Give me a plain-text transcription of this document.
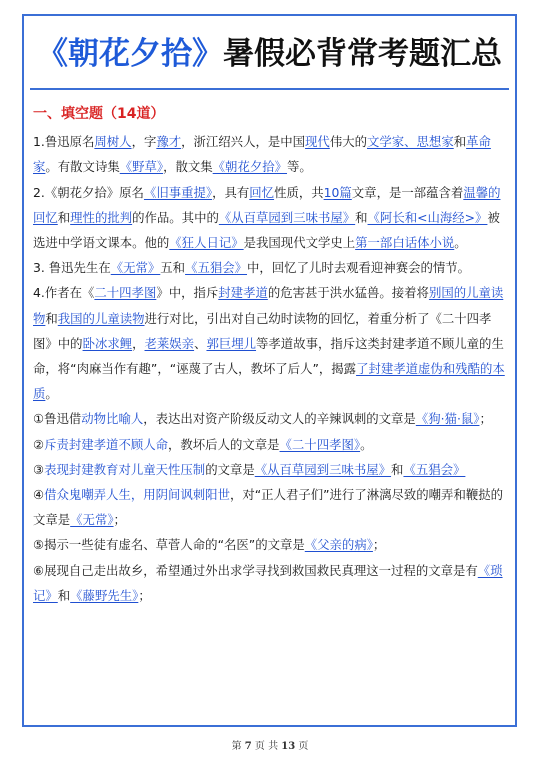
《朝花夕拾》暑假必背常考题汇总
一、填空题（14道）

1.鲁迅原名周树人，字豫才，浙江绍兴人，是中国现代伟大的文学家、思想家和革命家。有散文诗集《野草》，散文集《朝花夕拾》等。

2.《朝花夕拾》原名《旧事重提》，具有回忆性质，共10篇文章，是一部蕴含着温馨的回忆和理性的批判的作品。其中的《从百草园到三味书屋》和《阿长和<山海经>》被选进中学语文课本。他的《狂人日记》是我国现代文学史上第一部白话体小说。

3. 鲁迅先生在《无常》五和《五猖会》中，回忆了儿时去观看迎神赛会的情节。

4.作者在《二十四孝图》中，指斥封建孝道的危害甚于洪水猛兽。接着将别国的儿童读物和我国的儿童读物进行对比，引出对自己幼时读物的回忆，着重分析了《二十四孝图》中的卧冰求鲤，老莱娱亲、郭巨埋儿等孝道故事，指斥这类封建孝道不顾儿童的生命，将“肉麻当作有趣”，“诬蔑了古人，教坏了后人”，揭露了封建孝道虚伪和残酷的本质。

①鲁迅借动物比喻人，表达出对资产阶级反动文人的辛辣讽刺的文章是《狗·猫·鼠》；

②斥责封建孝道不顾人命，教坏后人的文章是《二十四孝图》。

③表现封建教育对儿童天性压制的文章是《从百草园到三味书屋》和《五猖会》

④借众鬼嘲弄人生，用阴间讽刺阳世，对“正人君子们”进行了淋漓尽致的嘲弄和鞭挞的文章是《无常》；

⑤揭示一些徒有虚名、草菅人命的“名医”的文章是《父亲的病》；

⑥展现自己走出故乡，希望通过外出求学寻找到救国救民真理这一过程的文章是有《琐记》和《藤野先生》；

第 7 页 共 13 页
